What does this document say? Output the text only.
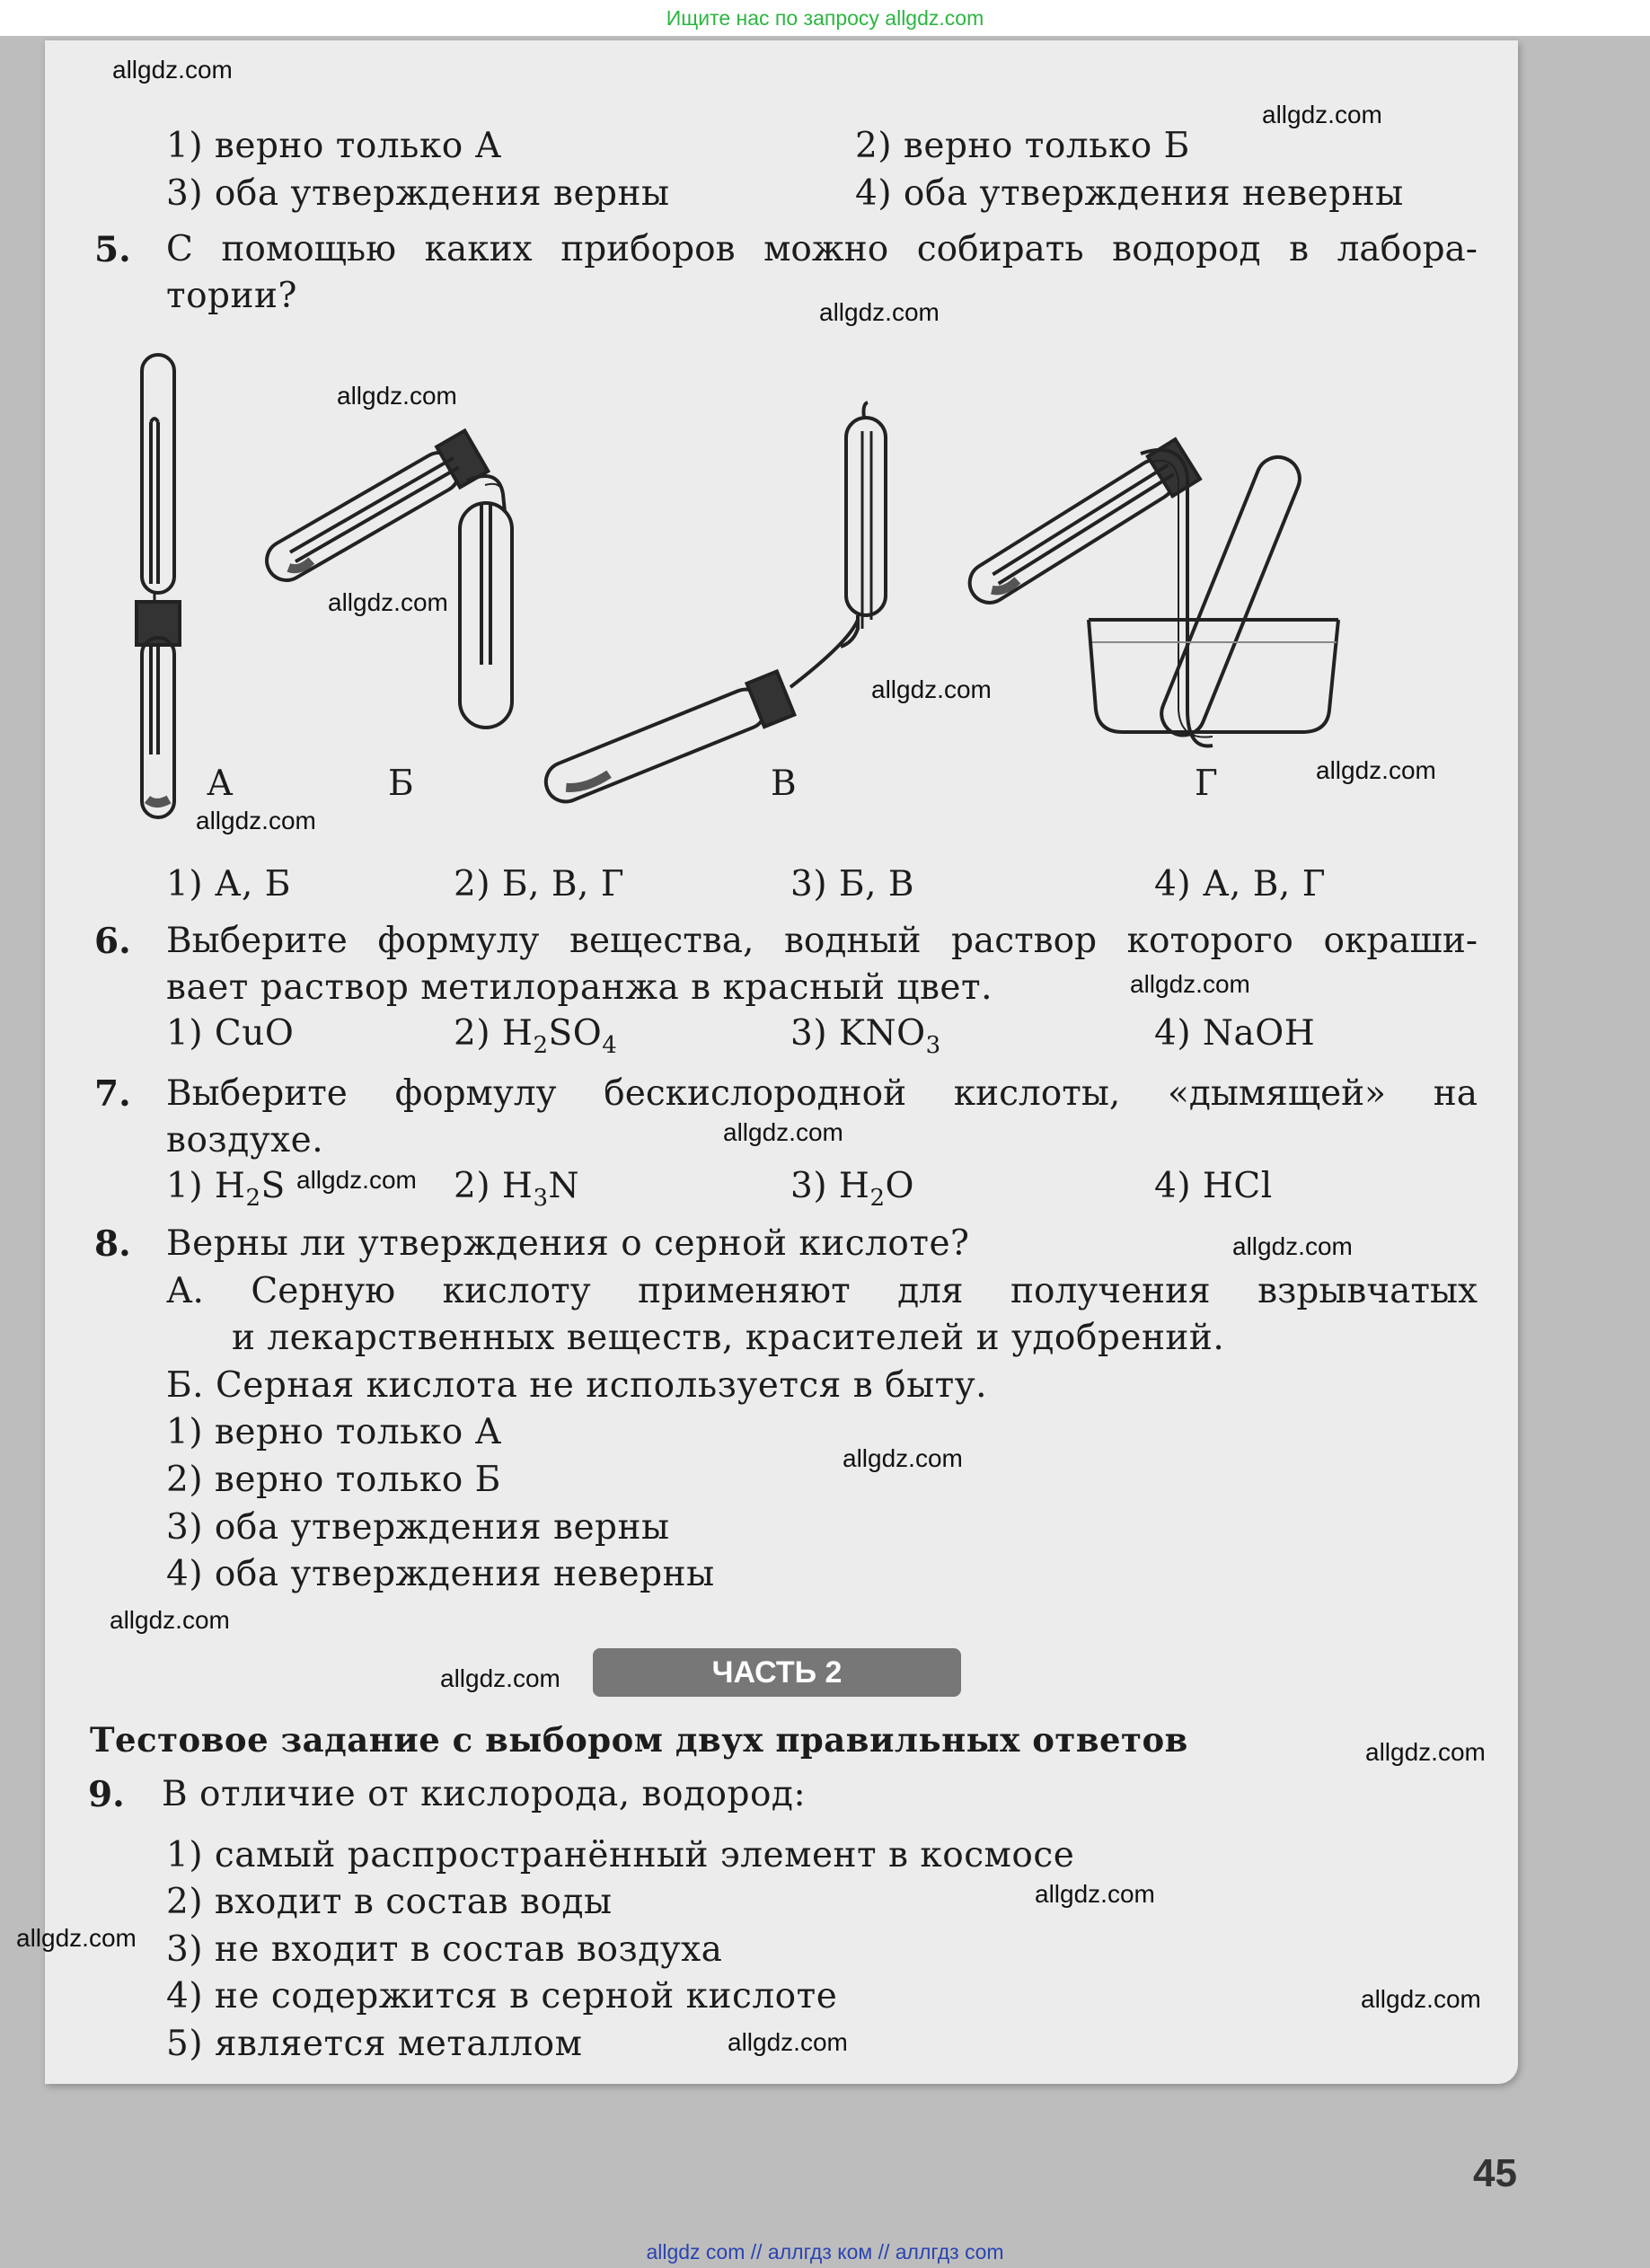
Ищите нас по запросу allgdz.com
allgdz.com
allgdz.com
allgdz.com
allgdz.com
allgdz.com
allgdz.com
allgdz.com
allgdz.com
allgdz.com
allgdz.com
allgdz.com
allgdz.com
allgdz.com
allgdz.com
allgdz.com
allgdz.com
allgdz.com
allgdz.com
allgdz.com
allgdz.com
1) верно только А	2) верно только Б
3) оба утверждения верны	4) оба утверждения неверны
5. С помощью каких приборов можно собирать водород в лабора-
тории?
А	Б	В	Г
1) А, Б	2) Б, В, Г	3) Б, В	4) А, В, Г
6. Выберите формулу вещества, водный раствор которого окраши-
вает раствор метилоранжа в красный цвет.
1) CuO	2) $H_2SO_4$	3) $KNO_3$	4) NaOH
7. Выберите формулу бескислородной кислоты, «дымящей» на
воздухе.
1) $H_2S$	2) $H_3N$	3) $H_2O$	4) HCl
8. Верны ли утверждения о серной кислоте?
А. Серную кислоту применяют для получения взрывчатых
и лекарственных веществ, красителей и удобрений.
Б. Серная кислота не используется в быту.
1) верно только А
2) верно только Б
3) оба утверждения верны
4) оба утверждения неверны
ЧАСТЬ 2
Тестовое задание с выбором двух правильных ответов
9. В отличие от кислорода, водород:
1) самый распространённый элемент в космосе
2) входит в состав воды
3) не входит в состав воздуха
4) не содержится в серной кислоте
5) является металлом
45
allgdz com // аллгдз ком // аллгдз com
